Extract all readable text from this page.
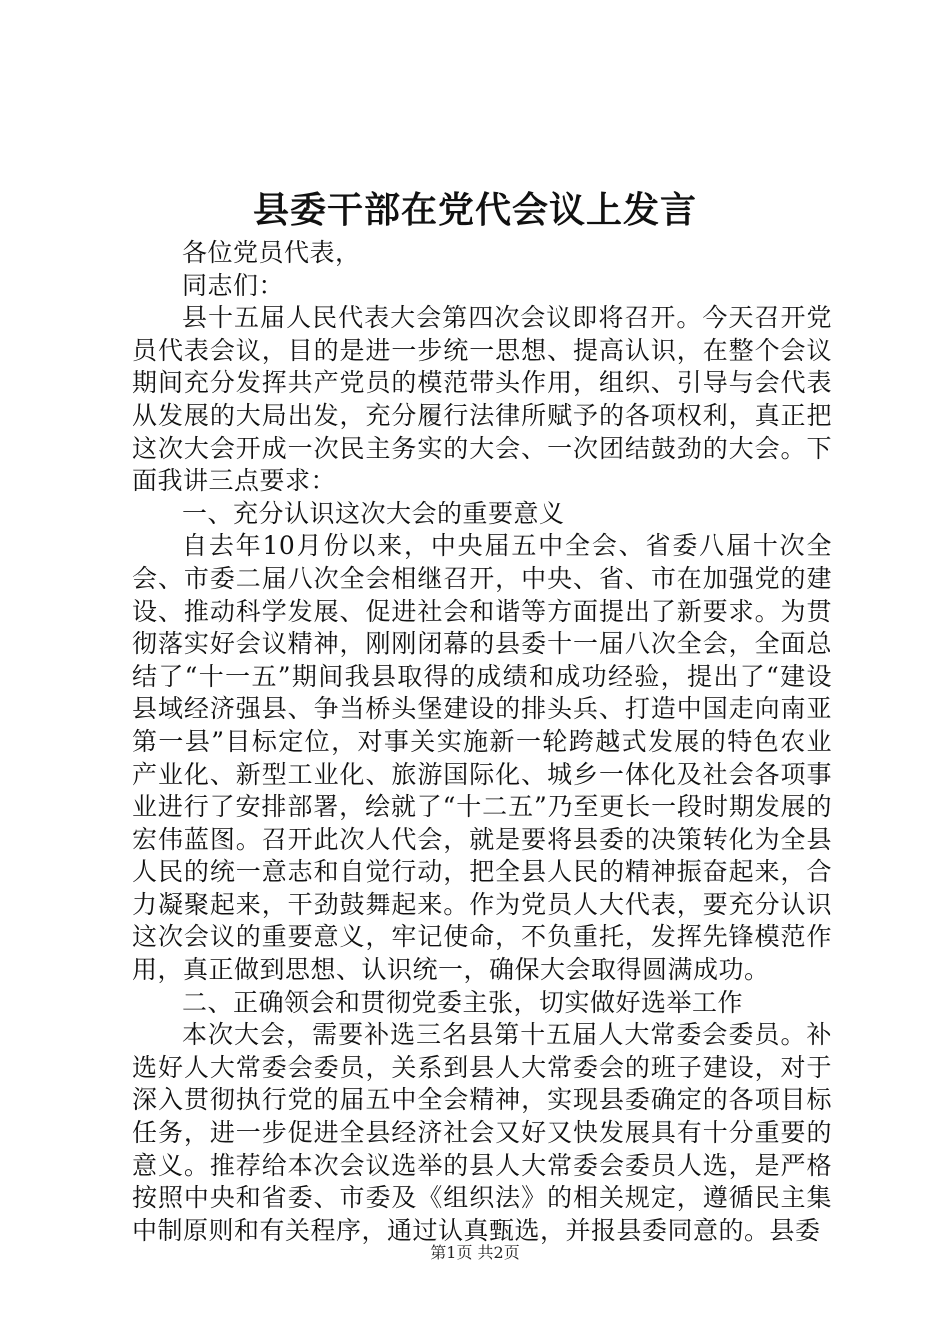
县委干部在党代会议上发言

各位党员代表，

同志们：

县十五届人民代表大会第四次会议即将召开。今天召开党员代表会议，目的是进一步统一思想、提高认识，在整个会议期间充分发挥共产党员的模范带头作用，组织、引导与会代表从发展的大局出发，充分履行法律所赋予的各项权利，真正把这次大会开成一次民主务实的大会、一次团结鼓劲的大会。下面我讲三点要求：

一、充分认识这次大会的重要意义

自去年10月份以来，中央届五中全会、省委八届十次全会、市委二届八次全会相继召开，中央、省、市在加强党的建设、推动科学发展、促进社会和谐等方面提出了新要求。为贯彻落实好会议精神，刚刚闭幕的县委十一届八次全会，全面总结了“十一五”期间我县取得的成绩和成功经验，提出了“建设县域经济强县、争当桥头堡建设的排头兵、打造中国走向南亚第一县”目标定位，对事关实施新一轮跨越式发展的特色农业产业化、新型工业化、旅游国际化、城乡一体化及社会各项事业进行了安排部署，绘就了“十二五”乃至更长一段时期发展的宏伟蓝图。召开此次人代会，就是要将县委的决策转化为全县人民的统一意志和自觉行动，把全县人民的精神振奋起来，合力凝聚起来，干劲鼓舞起来。作为党员人大代表，要充分认识这次会议的重要意义，牢记使命，不负重托，发挥先锋模范作用，真正做到思想、认识统一，确保大会取得圆满成功。

二、正确领会和贯彻党委主张，切实做好选举工作

本次大会，需要补选三名县第十五届人大常委会委员。补选好人大常委会委员，关系到县人大常委会的班子建设，对于深入贯彻执行党的届五中全会精神，实现县委确定的各项目标任务，进一步促进全县经济社会又好又快发展具有十分重要的意义。推荐给本次会议选举的县人大常委会委员人选，是严格按照中央和省委、市委及《组织法》的相关规定，遵循民主集中制原则和有关程序，通过认真甄选，并报县委同意的。县委

第1页 共2页
